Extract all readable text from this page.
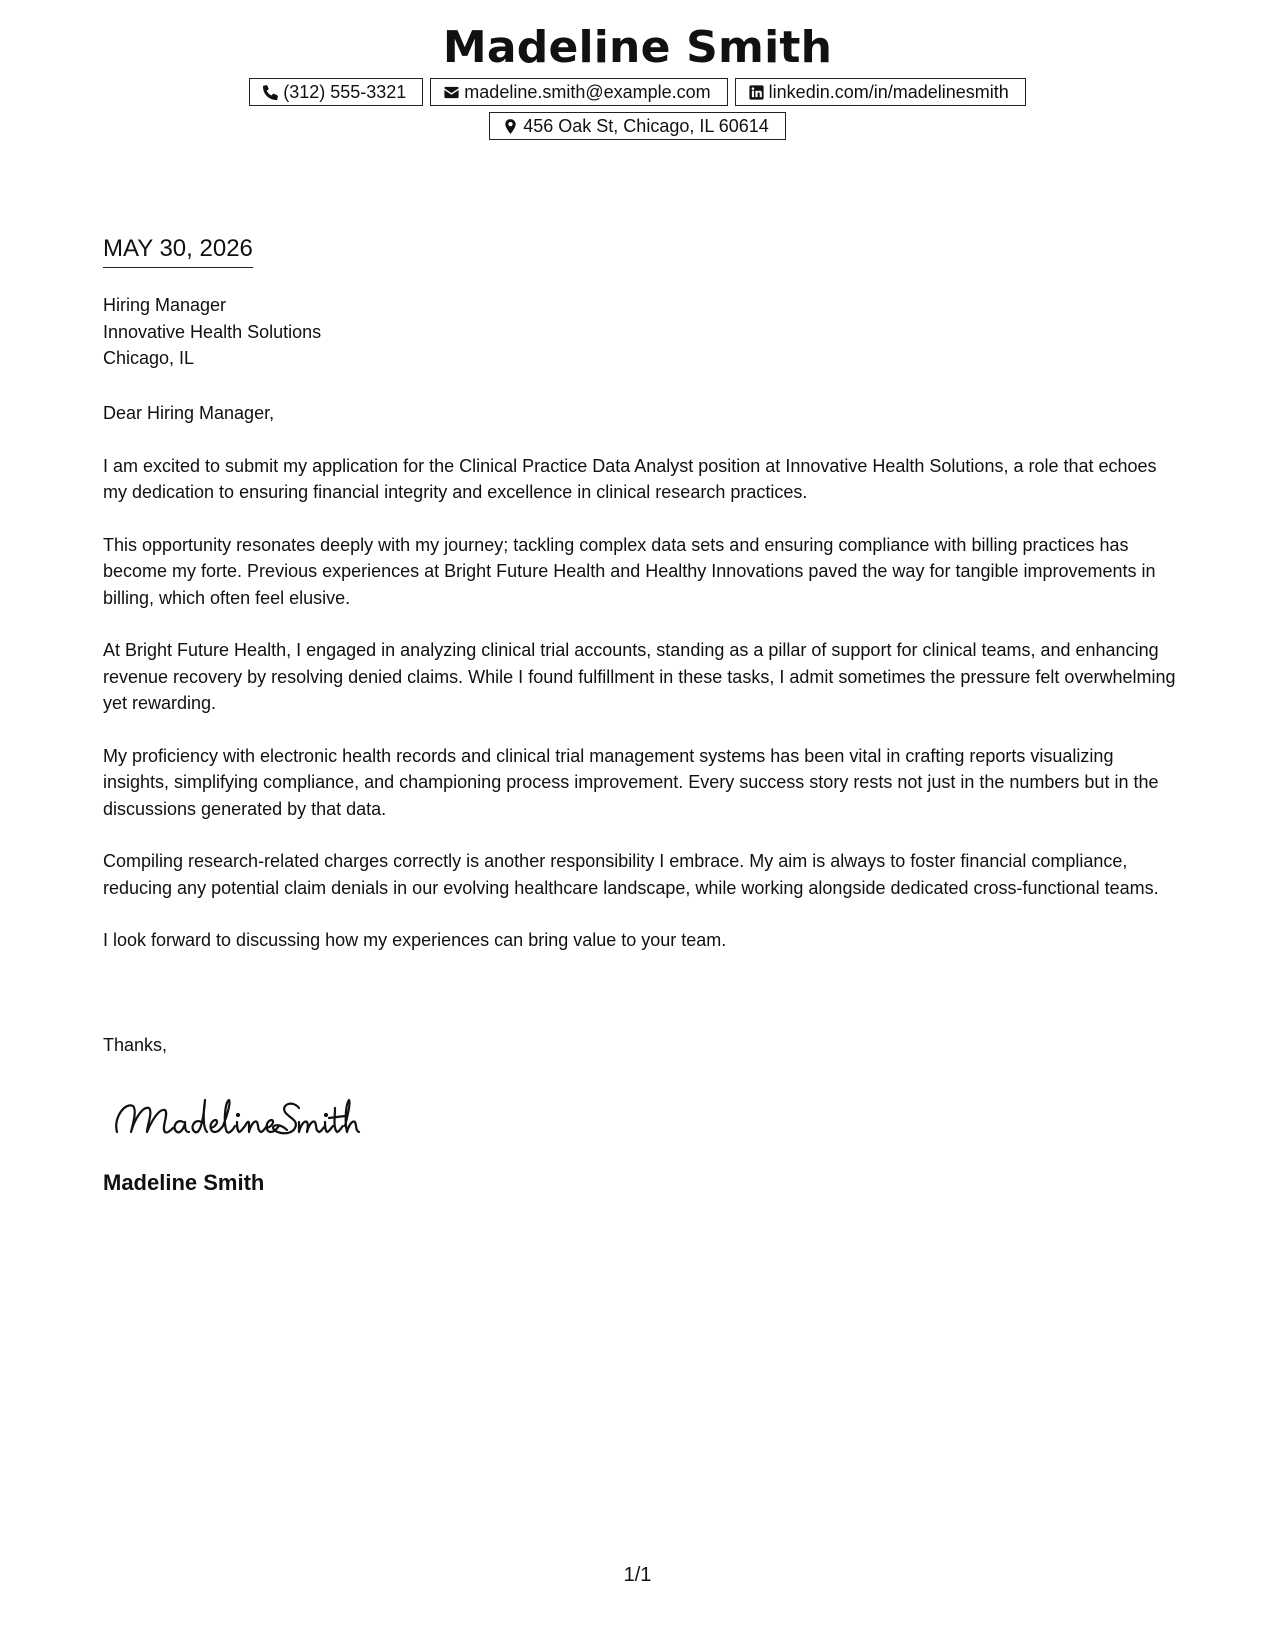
Madeline Smith
(312) 555-3321	madeline.smith@example.com	linkedin.com/in/madelinesmith
456 Oak St, Chicago, IL 60614
MAY 30, 2026
Hiring Manager
Innovative Health Solutions
Chicago, IL

Dear Hiring Manager,

I am excited to submit my application for the Clinical Practice Data Analyst position at Innovative Health Solutions, a role that echoes my dedication to ensuring financial integrity and excellence in clinical research practices.

This opportunity resonates deeply with my journey; tackling complex data sets and ensuring compliance with billing practices has become my forte. Previous experiences at Bright Future Health and Healthy Innovations paved the way for tangible improvements in billing, which often feel elusive.

At Bright Future Health, I engaged in analyzing clinical trial accounts, standing as a pillar of support for clinical teams, and enhancing revenue recovery by resolving denied claims. While I found fulfillment in these tasks, I admit sometimes the pressure felt overwhelming yet rewarding.

My proficiency with electronic health records and clinical trial management systems has been vital in crafting reports visualizing insights, simplifying compliance, and championing process improvement. Every success story rests not just in the numbers but in the discussions generated by that data.

Compiling research-related charges correctly is another responsibility I embrace. My aim is always to foster financial compliance, reducing any potential claim denials in our evolving healthcare landscape, while working alongside dedicated cross-functional teams.

I look forward to discussing how my experiences can bring value to your team.

Thanks,
Madeline Smith
1/1
